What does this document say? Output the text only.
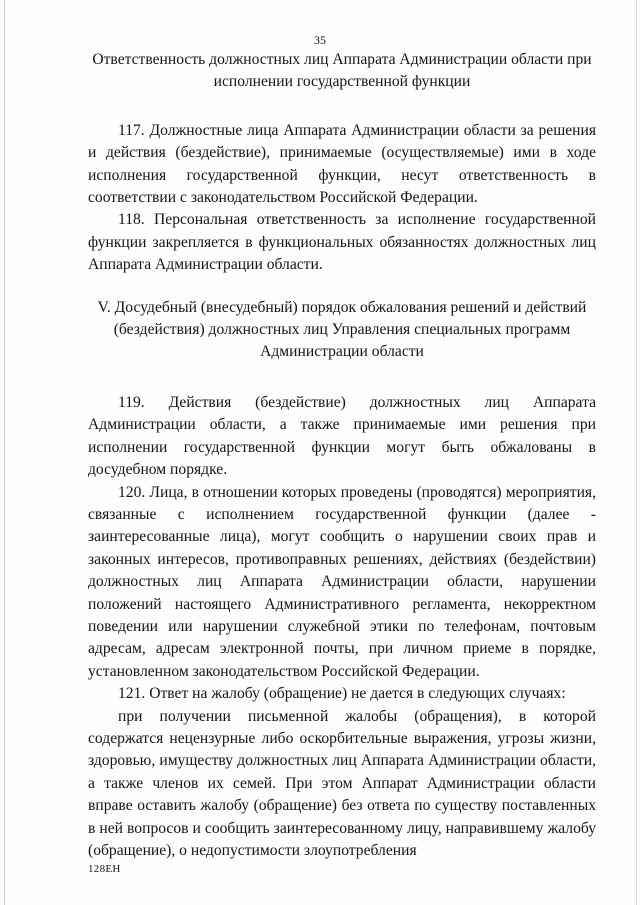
35

Ответственность должностных лиц Аппарата Администрации области при исполнении государственной функции

117. Должностные лица Аппарата Администрации области за решения и действия (бездействие), принимаемые (осуществляемые) ими в ходе исполнения государственной функции, несут ответственность в соответствии с законодательством Российской Федерации.

118. Персональная ответственность за исполнение государственной функции закрепляется в функциональных обязанностях должностных лиц Аппарата Администрации области.

V. Досудебный (внесудебный) порядок обжалования решений и действий (бездействия) должностных лиц Управления специальных программ Администрации области

119. Действия (бездействие) должностных лиц Аппарата Администрации области, а также принимаемые ими решения при исполнении государственной функции могут быть обжалованы в досудебном порядке.

120. Лица, в отношении которых проведены (проводятся) мероприятия, связанные с исполнением государственной функции (далее - заинтересованные лица), могут сообщить о нарушении своих прав и законных интересов, противоправных решениях, действиях (бездействии) должностных лиц Аппарата Администрации области, нарушении положений настоящего Административного регламента, некорректном поведении или нарушении служебной этики по телефонам, почтовым адресам, адресам электронной почты, при личном приеме в порядке, установленном законодательством Российской Федерации.

121. Ответ на жалобу (обращение) не дается в следующих случаях:

при получении письменной жалобы (обращения), в которой содержатся нецензурные либо оскорбительные выражения, угрозы жизни, здоровью, имуществу должностных лиц Аппарата Администрации области, а также членов их семей. При этом Аппарат Администрации области вправе оставить жалобу (обращение) без ответа по существу поставленных в ней вопросов и сообщить заинтересованному лицу, направившему жалобу (обращение), о недопустимости злоупотребления

128ЕН
